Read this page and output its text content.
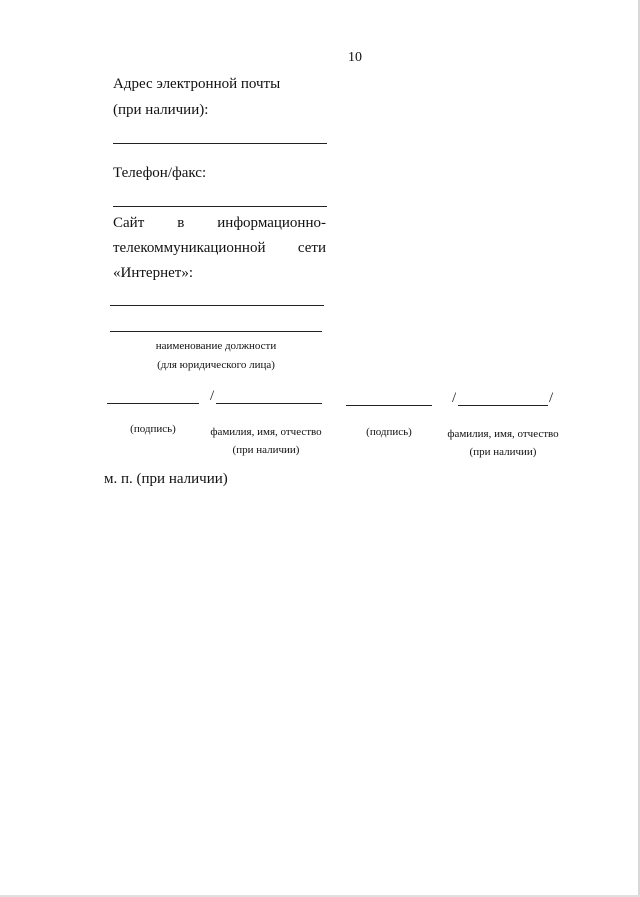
10
Адрес электронной почты
(при наличии):
Телефон/факс:
Сайт в информационно-
телекоммуникационной сети
«Интернет»:
наименование должности
(для юридического лица)
/
(подпись)	фамилия, имя, отчество
(при наличии)
/	/
(подпись)	фамилия, имя, отчество
(при наличии)
м. п. (при наличии)
